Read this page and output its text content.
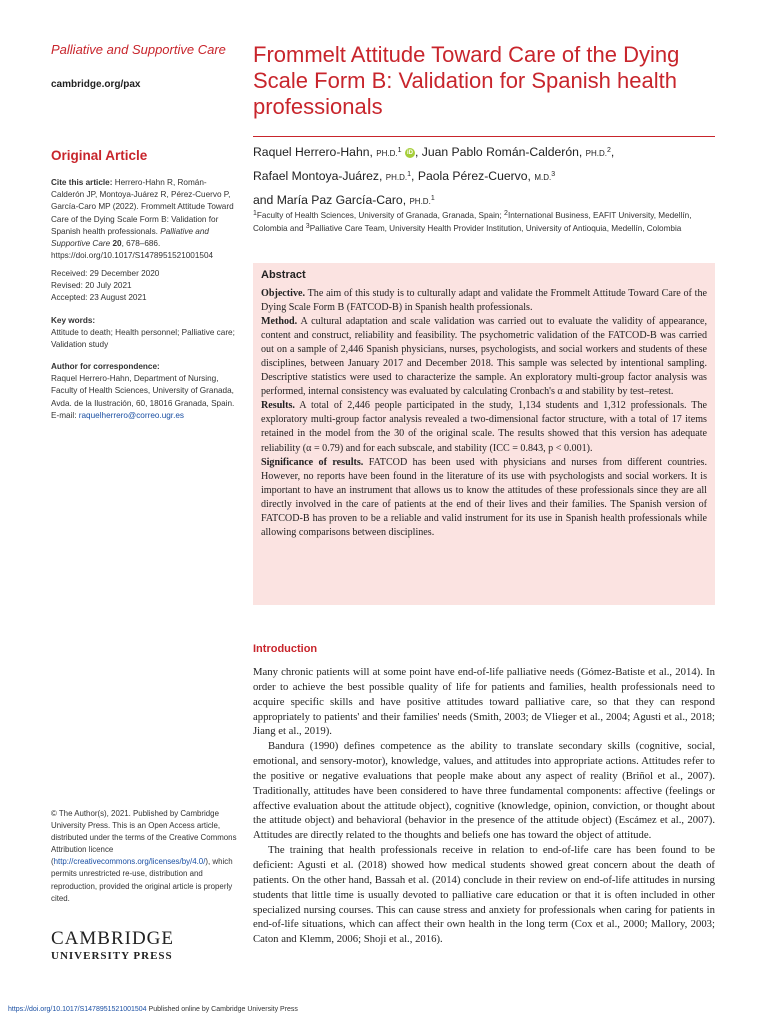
Palliative and Supportive Care
cambridge.org/pax
Original Article
Cite this article: Herrero-Hahn R, Román-Calderón JP, Montoya-Juárez R, Pérez-Cuervo P, García-Caro MP (2022). Frommelt Attitude Toward Care of the Dying Scale Form B: Validation for Spanish health professionals. Palliative and Supportive Care 20, 678–686. https://doi.org/10.1017/S1478951521001504
Received: 29 December 2020
Revised: 20 July 2021
Accepted: 23 August 2021
Key words:
Attitude to death; Health personnel; Palliative care; Validation study
Author for correspondence:
Raquel Herrero-Hahn, Department of Nursing, Faculty of Health Sciences, University of Granada, Avda. de la Ilustración, 60, 18016 Granada, Spain. E-mail: raquelherrero@correo.ugr.es
© The Author(s), 2021. Published by Cambridge University Press. This is an Open Access article, distributed under the terms of the Creative Commons Attribution licence (http://creativecommons.org/licenses/by/4.0/), which permits unrestricted re-use, distribution and reproduction, provided the original article is properly cited.
CAMBRIDGE
UNIVERSITY PRESS
Frommelt Attitude Toward Care of the Dying Scale Form B: Validation for Spanish health professionals
Raquel Herrero-Hahn, PH.D.$^1$ iD , Juan Pablo Román-Calderón, PH.D.$^2$,
Rafael Montoya-Juárez, PH.D.$^1$, Paola Pérez-Cuervo, M.D.$^3$
and María Paz García-Caro, PH.D.$^1$
$^1$Faculty of Health Sciences, University of Granada, Granada, Spain; $^2$International Business, EAFIT University, Medellín, Colombia and $^3$Palliative Care Team, University Health Provider Institution, University of Antioquia, Medellín, Colombia
Abstract

Objective. The aim of this study is to culturally adapt and validate the Frommelt Attitude Toward Care of the Dying Scale Form B (FATCOD-B) in Spanish health professionals.

Method. A cultural adaptation and scale validation was carried out to evaluate the validity of appearance, content and construct, reliability and feasibility. The psychometric validation of the FATCOD-B was carried out on a sample of 2,446 Spanish physicians, nurses, psychologists, and social workers and students of these disciplines, between January 2017 and December 2018. This sample was selected by intentional sampling. Descriptive statistics were used to characterize the sample. An exploratory multi-group factor analysis was performed, internal consistency was evaluated by calculating Cronbach's α and stability by test–retest.

Results. A total of 2,446 people participated in the study, 1,134 students and 1,312 professionals. The exploratory multi-group factor analysis revealed a two-dimensional factor structure, with a total of 17 items retained in the model from the 30 of the original scale. The results showed that this version has adequate reliability (α = 0.79) and for each subscale, and stability (ICC = 0.843, p < 0.001).

Significance of results. FATCOD has been used with physicians and nurses from different countries. However, no reports have been found in the literature of its use with psychologists and social workers. It is important to have an instrument that allows us to know the attitudes of these professionals since they are all directly involved in the care of patients at the end of their lives and their families. The Spanish version of FATCOD-B has proven to be a reliable and valid instrument for its use in Spanish health professionals while allowing comparisons between disciplines.

Introduction

Many chronic patients will at some point have end-of-life palliative needs (Gómez-Batiste et al., 2014). In order to achieve the best possible quality of life for patients and families, health professionals need to acquire specific skills and have positive attitudes toward palliative care, so that they can respond appropriately to patients' and their families' needs (Smith, 2003; de Vlieger et al., 2004; Agusti et al., 2018; Jiang et al., 2019).

Bandura (1990) defines competence as the ability to translate secondary skills (cognitive, social, emotional, and sensory-motor), knowledge, values, and attitudes into appropriate actions. Attitudes refer to the positive or negative evaluations that people make about any aspect of reality (Briñol et al., 2007). Traditionally, attitudes have been considered to have three fundamental components: affective (feelings or affective evaluation about the attitude object), cognitive (knowledge, opinion, conviction, or thought about the attitude object) and behavioral (behavior in the presence of the attitude object) (Escámez et al., 2007). Attitudes are directly related to the thoughts and beliefs one has toward the object of attitude.

The training that health professionals receive in relation to end-of-life care has been found to be deficient: Agusti et al. (2018) showed how medical students showed great concern about the death of patients. On the other hand, Bassah et al. (2014) conclude in their review on end-of-life attitudes in nursing students that little time is usually devoted to palliative care education or that it is often included in other specialized nursing courses. This can cause stress and anxiety for professionals when caring for patients in end-of-life situations, which can affect their own health in the long term (Cox et al., 2000; Mallory, 2003; Caton and Klemm, 2006; Shoji et al., 2016).

https://doi.org/10.1017/S1478951521001504 Published online by Cambridge University Press
